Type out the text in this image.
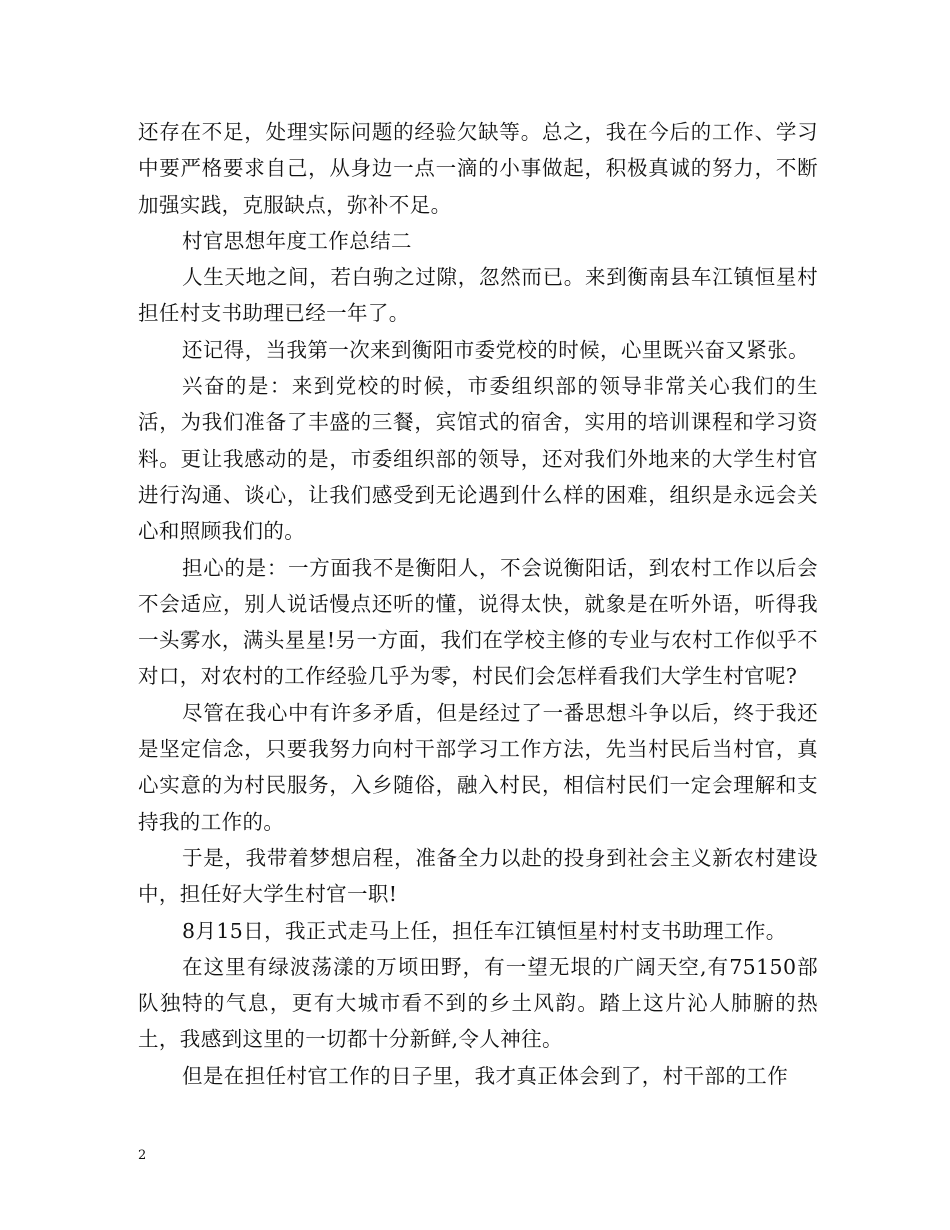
还存在不足，处理实际问题的经验欠缺等。总之，我在今后的工作、学习中要严格要求自己，从身边一点一滴的小事做起，积极真诚的努力，不断加强实践，克服缺点，弥补不足。

村官思想年度工作总结二

人生天地之间，若白驹之过隙，忽然而已。来到衡南县车江镇恒星村担任村支书助理已经一年了。

还记得，当我第一次来到衡阳市委党校的时候，心里既兴奋又紧张。

兴奋的是：来到党校的时候，市委组织部的领导非常关心我们的生活，为我们准备了丰盛的三餐，宾馆式的宿舍，实用的培训课程和学习资料。更让我感动的是，市委组织部的领导，还对我们外地来的大学生村官进行沟通、谈心，让我们感受到无论遇到什么样的困难，组织是永远会关心和照顾我们的。

担心的是：一方面我不是衡阳人，不会说衡阳话，到农村工作以后会不会适应，别人说话慢点还听的懂，说得太快，就象是在听外语，听得我一头雾水，满头星星!另一方面，我们在学校主修的专业与农村工作似乎不对口，对农村的工作经验几乎为零，村民们会怎样看我们大学生村官呢?

尽管在我心中有许多矛盾，但是经过了一番思想斗争以后，终于我还是坚定信念，只要我努力向村干部学习工作方法，先当村民后当村官，真心实意的为村民服务，入乡随俗，融入村民，相信村民们一定会理解和支持我的工作的。

于是，我带着梦想启程，准备全力以赴的投身到社会主义新农村建设中，担任好大学生村官一职!

8月15日，我正式走马上任，担任车江镇恒星村村支书助理工作。

在这里有绿波荡漾的万顷田野，有一望无垠的广阔天空,有75150部队独特的气息，更有大城市看不到的乡土风韵。踏上这片沁人肺腑的热土，我感到这里的一切都十分新鲜,令人神往。

但是在担任村官工作的日子里，我才真正体会到了，村干部的工作

2
